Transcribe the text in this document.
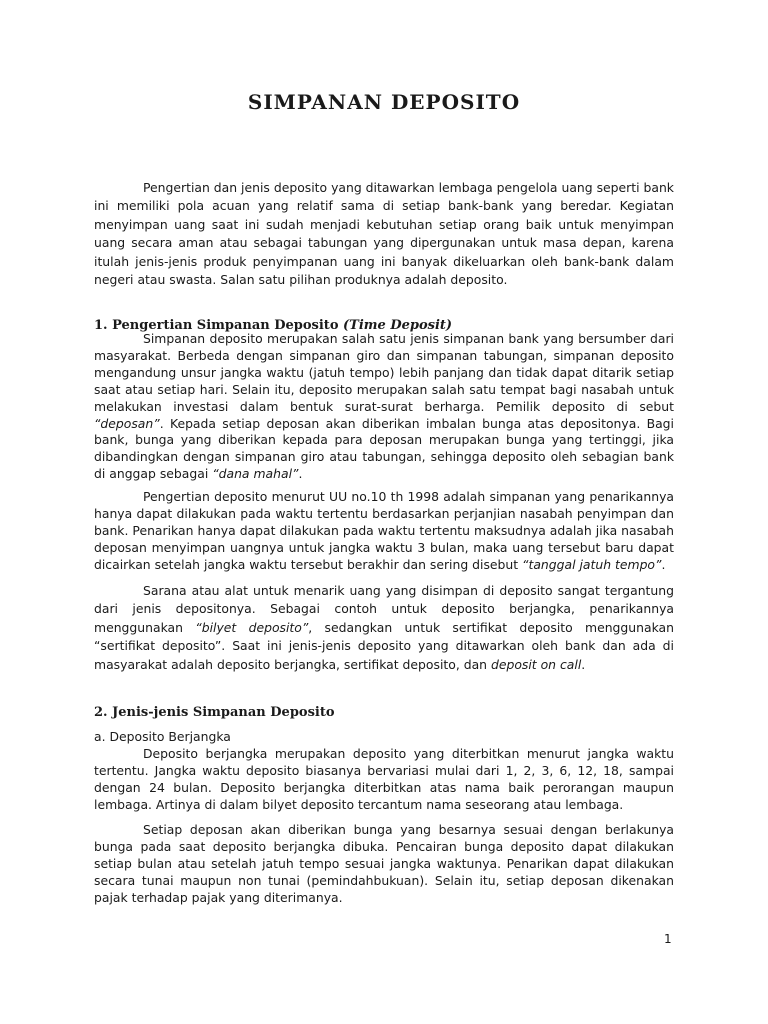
SIMPANAN DEPOSITO

Pengertian dan jenis deposito yang ditawarkan lembaga pengelola uang seperti bank ini memiliki pola acuan yang relatif sama di setiap bank-bank yang beredar. Kegiatan menyimpan uang saat ini sudah menjadi kebutuhan setiap orang baik untuk menyimpan uang secara aman atau sebagai tabungan yang dipergunakan untuk masa depan, karena itulah jenis-jenis produk penyimpanan uang ini banyak dikeluarkan oleh bank-bank dalam negeri atau swasta. Salan satu pilihan produknya adalah deposito.

1. Pengertian Simpanan Deposito (Time Deposit)

Simpanan deposito merupakan salah satu jenis simpanan bank yang bersumber dari masyarakat. Berbeda dengan simpanan giro dan simpanan tabungan, simpanan deposito mengandung unsur jangka waktu (jatuh tempo) lebih panjang dan tidak dapat ditarik setiap saat atau setiap hari. Selain itu, deposito merupakan salah satu tempat bagi nasabah untuk melakukan investasi dalam bentuk surat-surat berharga. Pemilik deposito di sebut “deposan”. Kepada setiap deposan akan diberikan imbalan bunga atas depositonya. Bagi bank, bunga yang diberikan kepada para deposan merupakan bunga yang tertinggi, jika dibandingkan dengan simpanan giro atau tabungan, sehingga deposito oleh sebagian bank di anggap sebagai “dana mahal”.

Pengertian deposito menurut UU no.10 th 1998 adalah simpanan yang penarikannya hanya dapat dilakukan pada waktu tertentu berdasarkan perjanjian nasabah penyimpan dan bank. Penarikan hanya dapat dilakukan pada waktu tertentu maksudnya adalah jika nasabah deposan menyimpan uangnya untuk jangka waktu 3 bulan, maka uang tersebut baru dapat dicairkan setelah jangka waktu tersebut berakhir dan sering disebut “tanggal jatuh tempo”.

Sarana atau alat untuk menarik uang yang disimpan di deposito sangat tergantung dari jenis depositonya. Sebagai contoh untuk deposito berjangka, penarikannya menggunakan “bilyet deposito”, sedangkan untuk sertifikat deposito menggunakan “sertifikat deposito”. Saat ini jenis-jenis deposito yang ditawarkan oleh bank dan ada di masyarakat adalah deposito berjangka, sertifikat deposito, dan deposit on call.

2. Jenis-jenis Simpanan Deposito

a. Deposito Berjangka

Deposito berjangka merupakan deposito yang diterbitkan menurut jangka waktu tertentu. Jangka waktu deposito biasanya bervariasi mulai dari 1, 2, 3, 6, 12, 18, sampai dengan 24 bulan. Deposito berjangka diterbitkan atas nama baik perorangan maupun lembaga. Artinya di dalam bilyet deposito tercantum nama seseorang atau lembaga.

Setiap deposan akan diberikan bunga yang besarnya sesuai dengan berlakunya bunga pada saat deposito berjangka dibuka. Pencairan bunga deposito dapat dilakukan setiap bulan atau setelah jatuh tempo sesuai jangka waktunya. Penarikan dapat dilakukan secara tunai maupun non tunai (pemindahbukuan). Selain itu, setiap deposan dikenakan pajak terhadap pajak yang diterimanya.

1
